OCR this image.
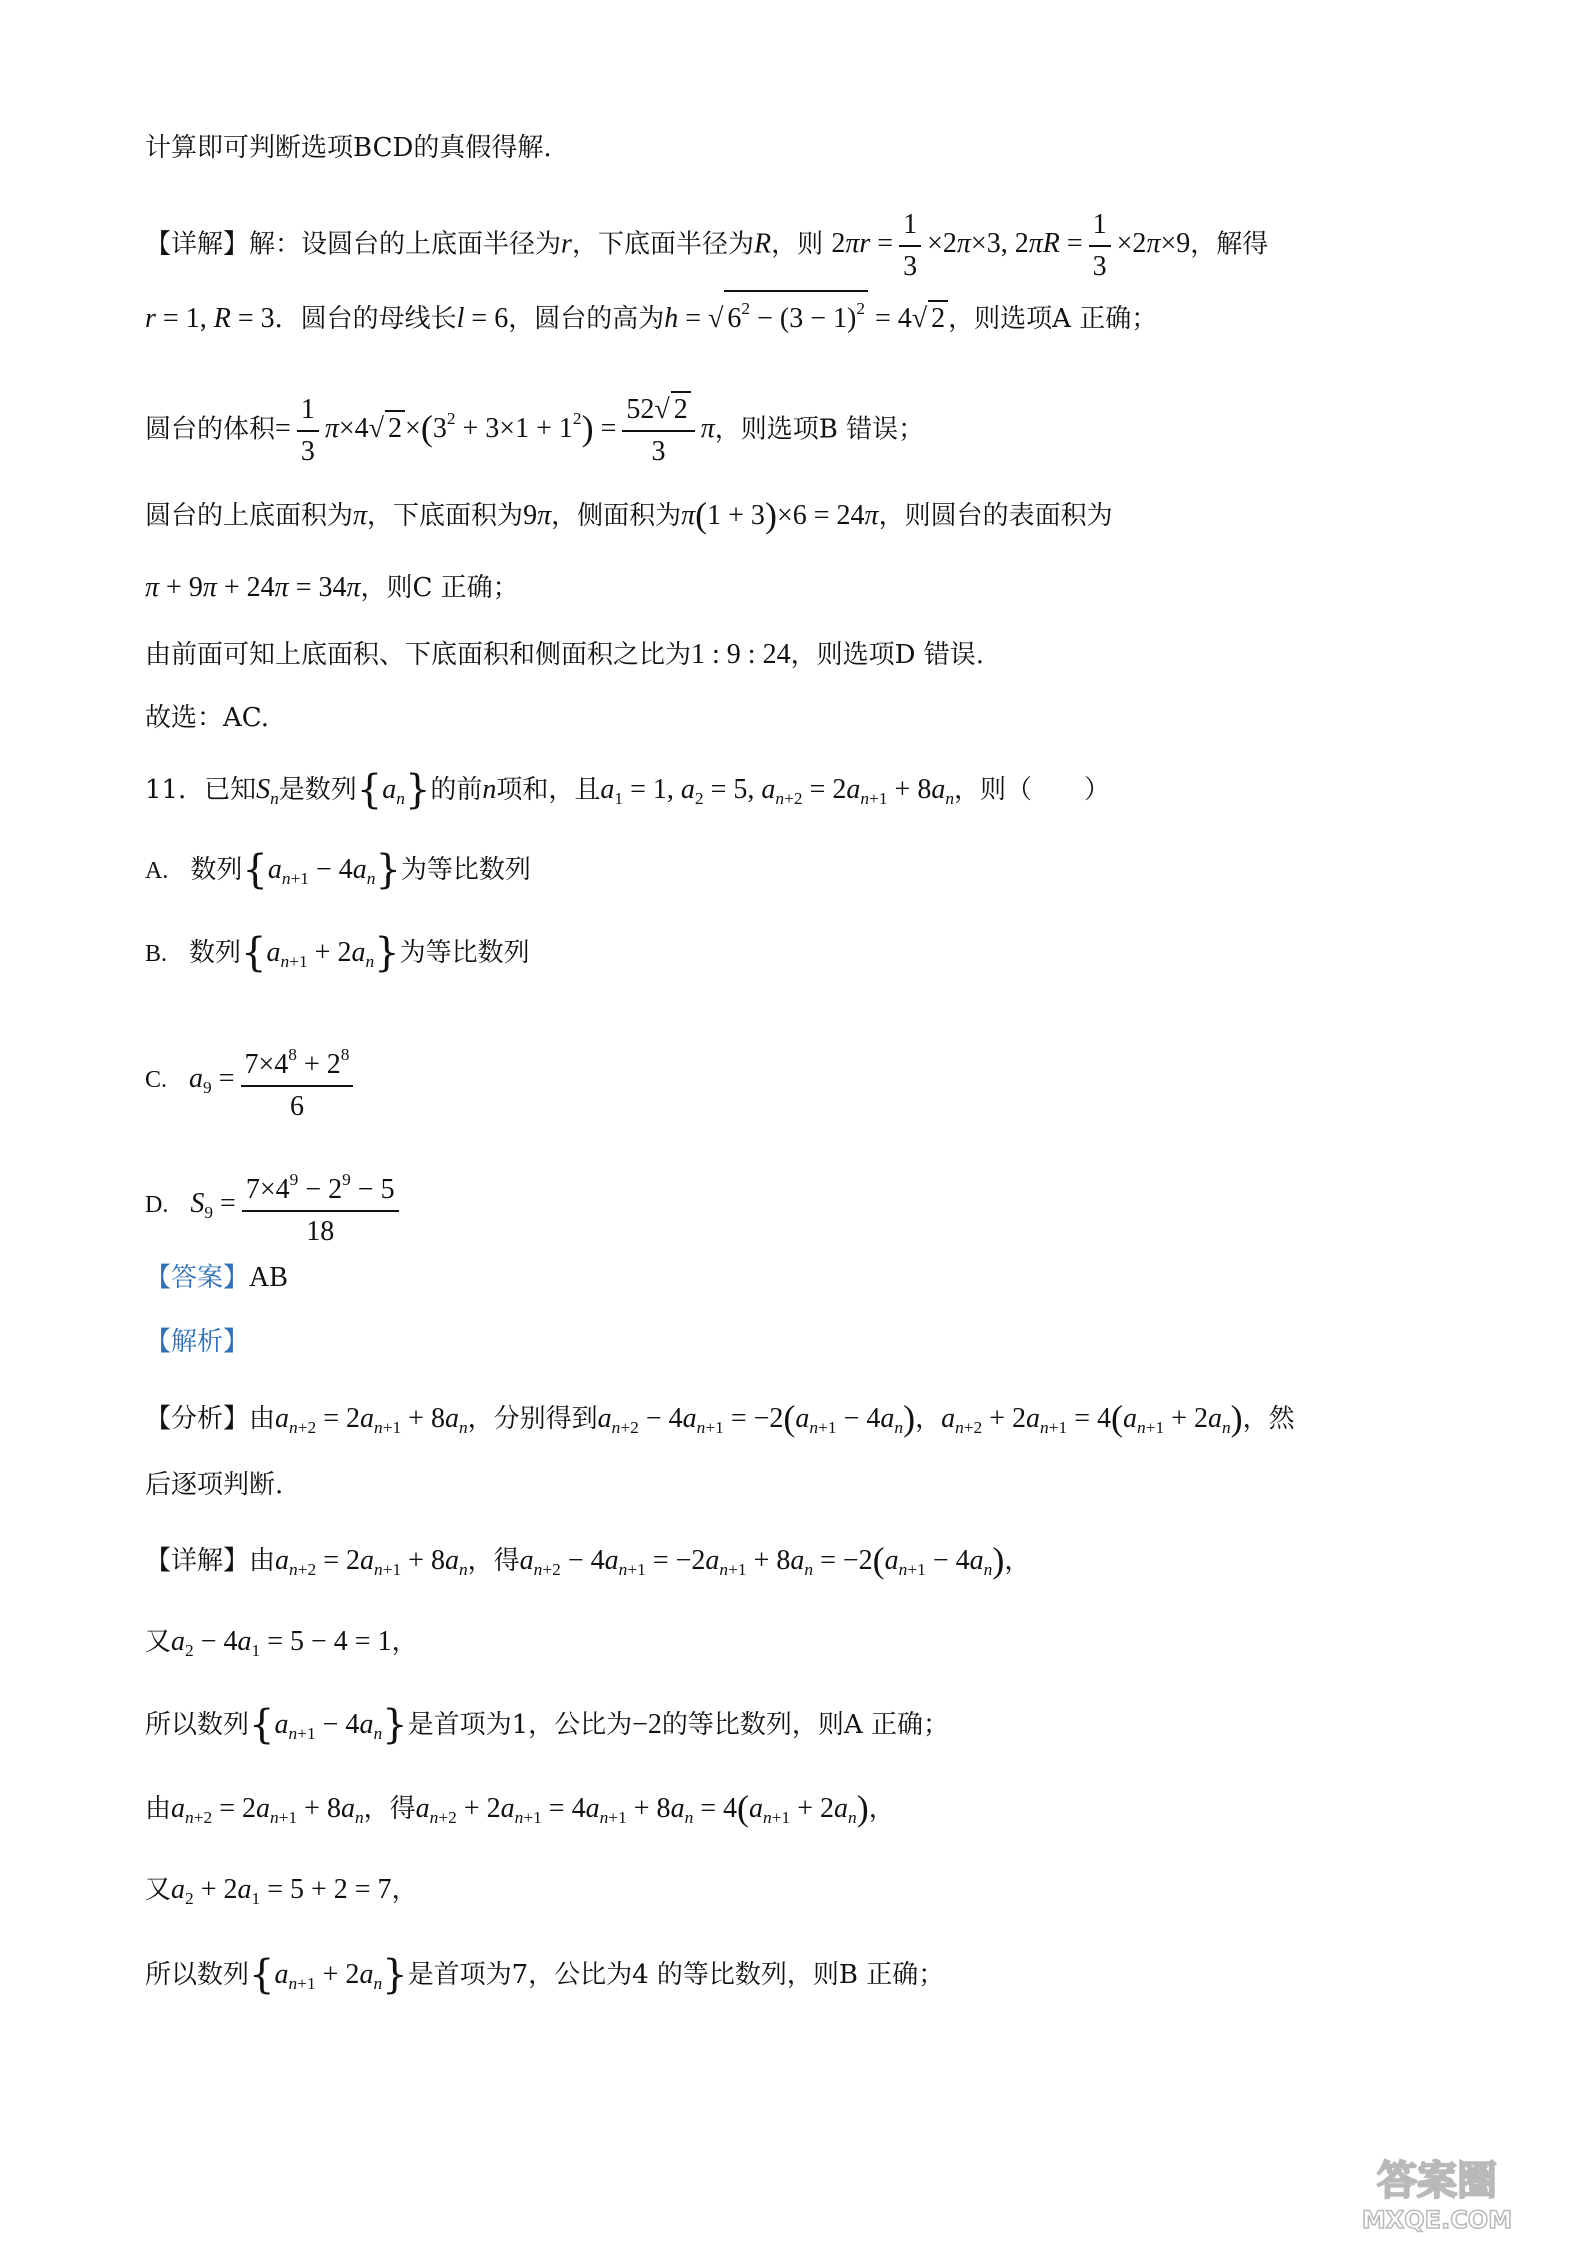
计算即可判断选项BCD的真假得解.
【详解】解：设圆台的上底面半径为r，下底面半径为R，则 $2\pi r = \frac{1}{3} \times 2\pi\times 3$, $2\pi R = \frac{1}{3} \times 2\pi\times 9$，解得
r = 1, R = 3．圆台的母线长l = 6，圆台的高为h = √ $6^2 - (3 - 1)^2 = 4√$ 2 ，则选项A 正确；
圆台的体积= $\frac{1}{3} \pi\times 4√$ $2 \times(3^2 + 3\times 1 + 1^2) = \frac{52√ 2}{3}$ π，则选项B 错误；
圆台的上底面积为π，下底面积为9π，侧面积为π(1 + 3)×6 = 24π，则圆台的表面积为
π + 9π + 24π = 34π，则C 正确；
由前面可知上底面积、下底面积和侧面积之比为1 : 9 : 24，则选项D 错误.
故选：AC.
11．已知$S_n$是数列$\{a_n\}$的前n项和，且$a_1 = 1$, $a_2 = 5$, $a_{n+2} = 2a_{n+1} + 8a_n$，则（　　）
A. 数列$\{a_{n+1} - 4a_n\}$为等比数列
B. 数列$\{a_{n+1} + 2a_n\}$为等比数列
C. $a_9 = \frac{7\times 4^8 + 2^8}{6}$
D. $S_9 = \frac{7\times 4^9 - 2^9 - 5}{18}$
【答案】AB
【解析】
【分析】由$a_{n+2} = 2a_{n+1} + 8a_n$，分别得到$a_{n+2} - 4a_{n+1} = -2(a_{n+1} - 4a_n)$，$a_{n+2} + 2a_{n+1} = 4(a_{n+1} + 2a_n)$，然
后逐项判断.
【详解】由$a_{n+2} = 2a_{n+1} + 8a_n$，得$a_{n+2} - 4a_{n+1} = -2a_{n+1} + 8a_n = -2(a_{n+1} - 4a_n)$，
又$a_2 - 4a_1 = 5 - 4 = 1$，
所以数列$\{a_{n+1} - 4a_n\}$是首项为1，公比为−2的等比数列，则A 正确；
由$a_{n+2} = 2a_{n+1} + 8a_n$，得$a_{n+2} + 2a_{n+1} = 4a_{n+1} + 8a_n = 4(a_{n+1} + 2a_n)$，
又$a_2 + 2a_1 = 5 + 2 = 7$，
所以数列$\{a_{n+1} + 2a_n\}$是首项为7，公比为4 的等比数列，则B 正确；
答案圈
MXQE.COM
